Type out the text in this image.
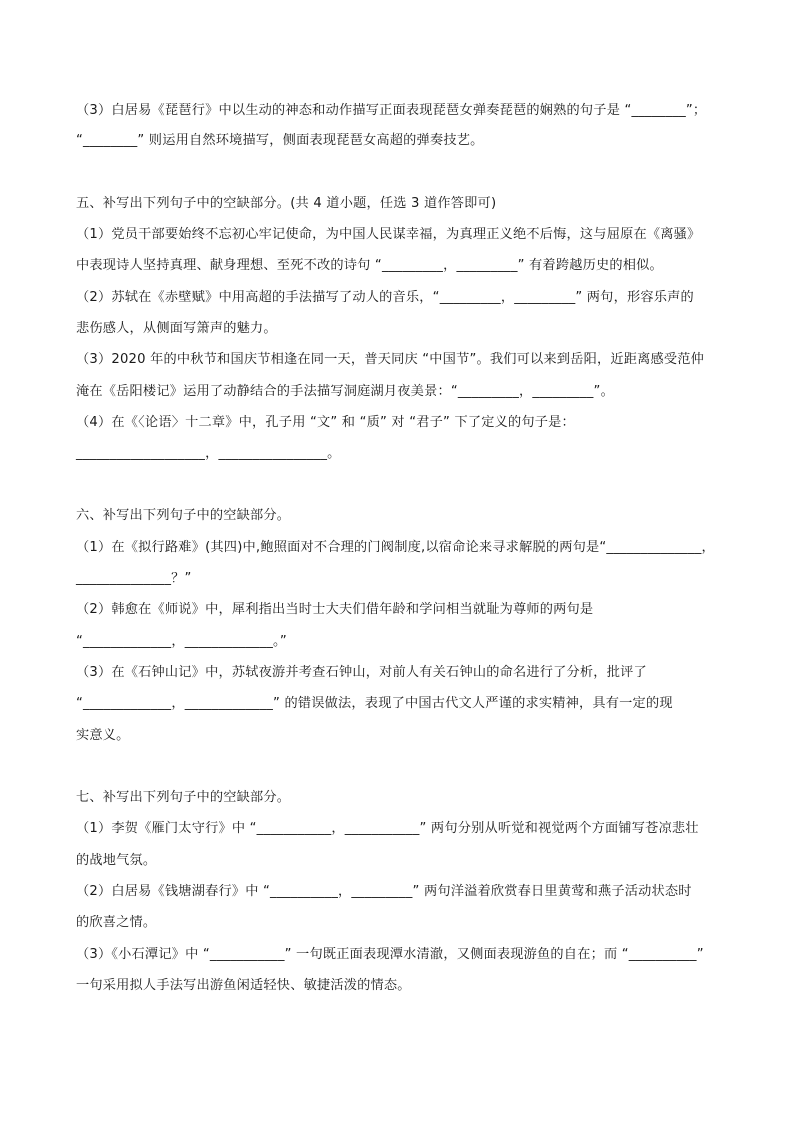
（3）白居易《琵琶行》中以生动的神态和动作描写正面表现琵琶女弹奏琵琶的娴熟的句子是 “________”；
“________” 则运用自然环境描写，侧面表现琵琶女高超的弹奏技艺。
五、补写出下列句子中的空缺部分。(共 4 道小题，任选 3 道作答即可)
（1）党员干部要始终不忘初心牢记使命，为中国人民谋幸福，为真理正义绝不后悔，这与屈原在《离骚》
中表现诗人坚持真理、献身理想、至死不改的诗句 “_________，_________” 有着跨越历史的相似。
（2）苏轼在《赤壁赋》中用高超的手法描写了动人的音乐，“_________，_________” 两句，形容乐声的
悲伤感人，从侧面写箫声的魅力。
（3）2020 年的中秋节和国庆节相逢在同一天，普天同庆 “中国节”。我们可以来到岳阳，近距离感受范仲
淹在《岳阳楼记》运用了动静结合的手法描写洞庭湖月夜美景：“_________，_________”。
（4）在《〈论语〉十二章》中，孔子用 “文” 和 “质” 对 “君子” 下了定义的句子是：
___________________，________________。
六、补写出下列句子中的空缺部分。
（1）在《拟行路难》(其四)中,鲍照面对不合理的门阀制度,以宿命论来寻求解脱的两句是“______________，
______________？”
（2）韩愈在《师说》中，犀利指出当时士大夫们借年龄和学问相当就耻为尊师的两句是
“_____________，_____________。”
（3）在《石钟山记》中，苏轼夜游并考查石钟山，对前人有关石钟山的命名进行了分析，批评了
“_____________，_____________” 的错误做法，表现了中国古代文人严谨的求实精神，具有一定的现
实意义。
七、补写出下列句子中的空缺部分。
（1）李贺《雁门太守行》中 “___________，___________” 两句分别从听觉和视觉两个方面铺写苍凉悲壮
的战地气氛。
（2）白居易《钱塘湖春行》中 “__________，_________” 两句洋溢着欣赏春日里黄莺和燕子活动状态时
的欣喜之情。
（3）《小石潭记》中 “___________” 一句既正面表现潭水清澈，又侧面表现游鱼的自在；而 “__________”
一句采用拟人手法写出游鱼闲适轻快、敏捷活泼的情态。
